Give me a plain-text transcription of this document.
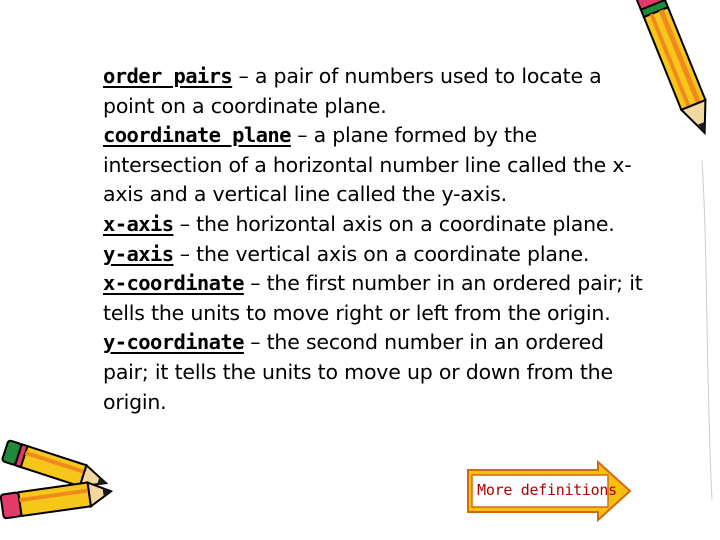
order pairs – a pair of numbers used to locate a point on a coordinate plane.
coordinate plane – a plane formed by the intersection of a horizontal number line called the x-axis and a vertical line called the y-axis.
x-axis – the horizontal axis on a coordinate plane.
y-axis – the vertical axis on a coordinate plane.
x-coordinate – the first number in an ordered pair; it tells the units to move right or left from the origin.
y-coordinate – the second number in an ordered pair; it tells the units to move up or down from the origin.
More definitions
